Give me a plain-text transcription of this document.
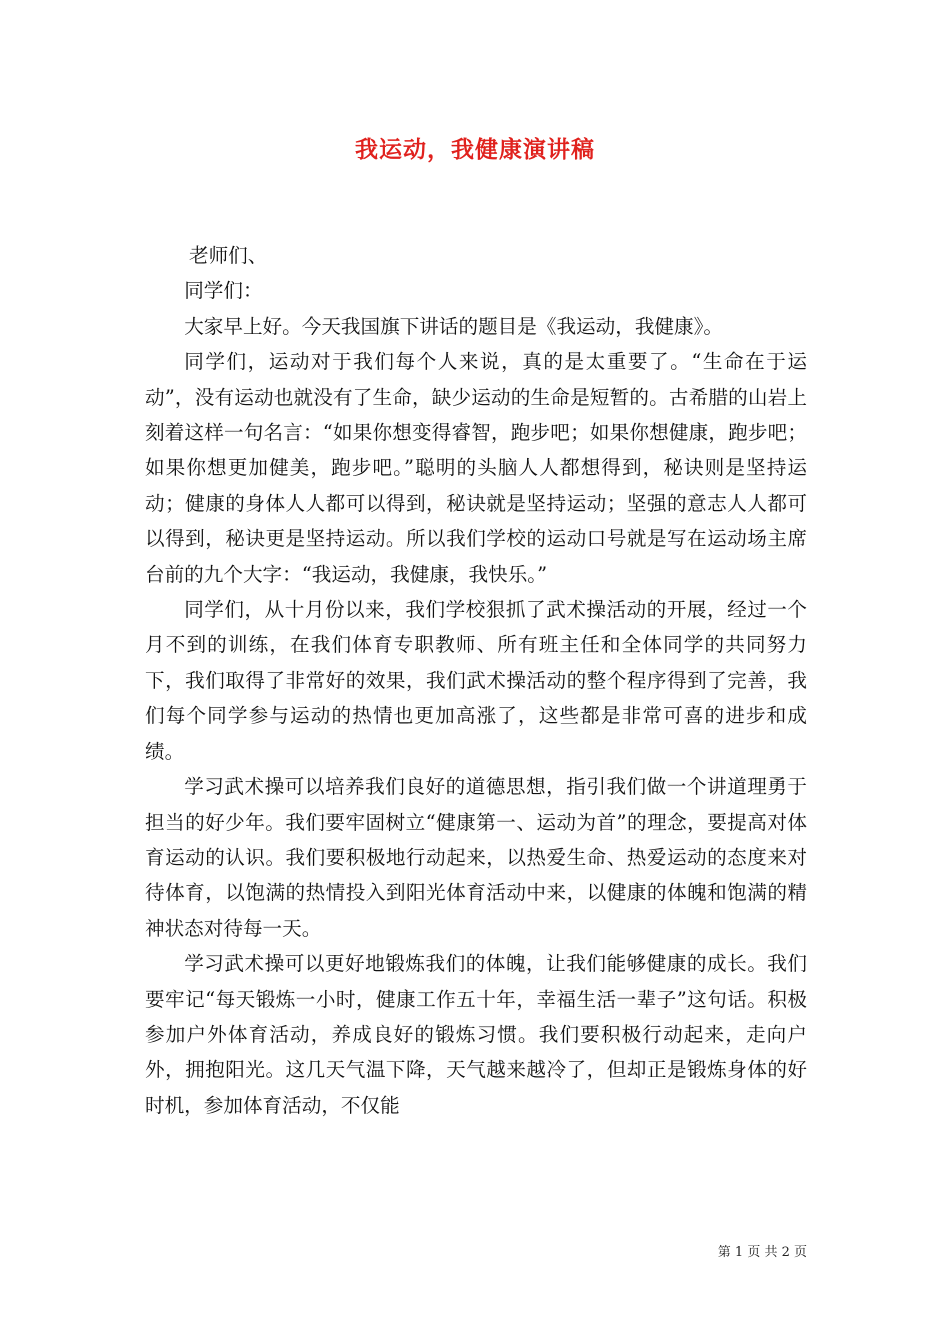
我运动，我健康演讲稿

老师们、

同学们：

大家早上好。今天我国旗下讲话的题目是《我运动，我健康》。

同学们，运动对于我们每个人来说，真的是太重要了。“生命在于运动”，没有运动也就没有了生命，缺少运动的生命是短暂的。古希腊的山岩上刻着这样一句名言：“如果你想变得睿智，跑步吧；如果你想健康，跑步吧；如果你想更加健美，跑步吧。”聪明的头脑人人都想得到，秘诀则是坚持运动；健康的身体人人都可以得到，秘诀就是坚持运动；坚强的意志人人都可以得到，秘诀更是坚持运动。所以我们学校的运动口号就是写在运动场主席台前的九个大字：“我运动，我健康，我快乐。”

同学们，从十月份以来，我们学校狠抓了武术操活动的开展，经过一个月不到的训练，在我们体育专职教师、所有班主任和全体同学的共同努力下，我们取得了非常好的效果，我们武术操活动的整个程序得到了完善，我们每个同学参与运动的热情也更加高涨了，这些都是非常可喜的进步和成绩。

学习武术操可以培养我们良好的道德思想，指引我们做一个讲道理勇于担当的好少年。我们要牢固树立“健康第一、运动为首”的理念，要提高对体育运动的认识。我们要积极地行动起来，以热爱生命、热爱运动的态度来对待体育，以饱满的热情投入到阳光体育活动中来，以健康的体魄和饱满的精神状态对待每一天。

学习武术操可以更好地锻炼我们的体魄，让我们能够健康的成长。我们要牢记“每天锻炼一小时，健康工作五十年，幸福生活一辈子”这句话。积极参加户外体育活动，养成良好的锻炼习惯。我们要积极行动起来，走向户外，拥抱阳光。这几天气温下降，天气越来越冷了，但却正是锻炼身体的好时机，参加体育活动，不仅能

第 1 页 共 2 页
